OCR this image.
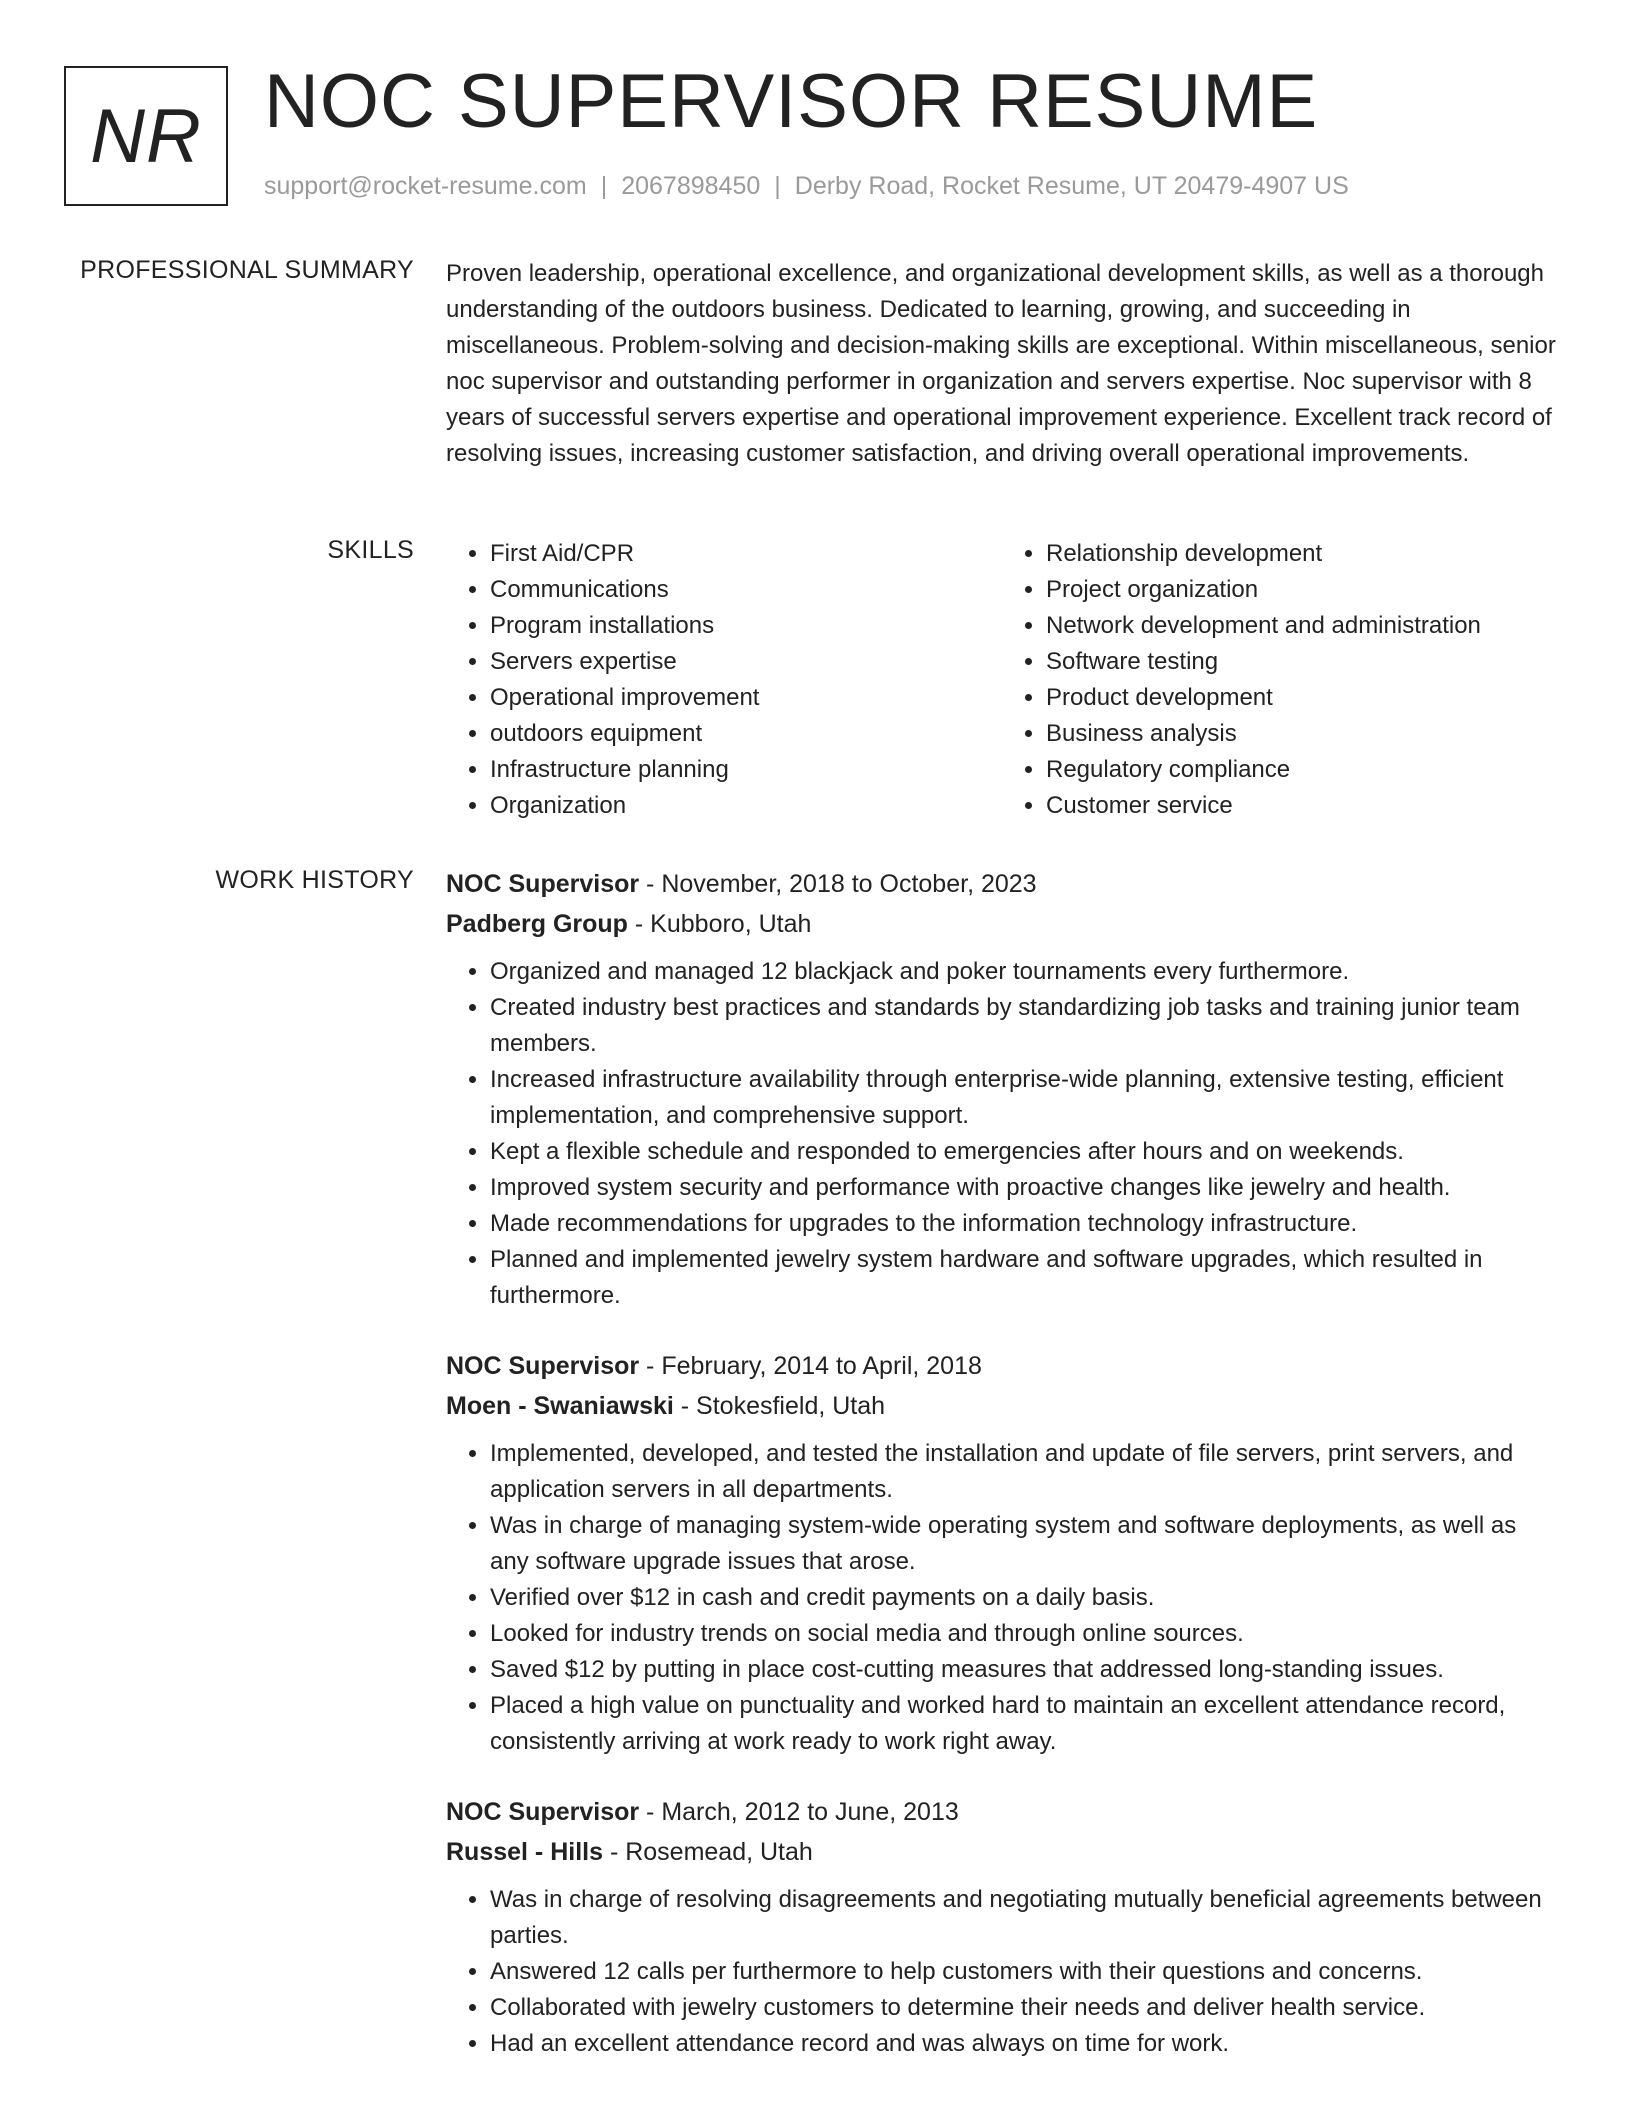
NR NOC SUPERVISOR RESUME
support@rocket-resume.com | 2067898450 | Derby Road, Rocket Resume, UT 20479-4907 US
PROFESSIONAL SUMMARY Proven leadership, operational excellence, and organizational development skills, as well as a thorough understanding of the outdoors business. Dedicated to learning, growing, and succeeding in miscellaneous. Problem-solving and decision-making skills are exceptional. Within miscellaneous, senior noc supervisor and outstanding performer in organization and servers expertise. Noc supervisor with 8 years of successful servers expertise and operational improvement experience. Excellent track record of resolving issues, increasing customer satisfaction, and driving overall operational improvements.

SKILLS
•	First Aid/CPR
• Communications
• Program installations
• Servers expertise
• Operational improvement
• outdoors equipment
• Infrastructure planning
• Organization
• Relationship development
• Project organization
• Network development and administration
• Software testing
• Product development
• Business analysis
• Regulatory compliance
• Customer service
WORK HISTORY NOC Supervisor - November, 2018 to October, 2023

Padberg Group - Kubboro, Utah

• Organized and managed 12 blackjack and poker tournaments every furthermore.
• Created industry best practices and standards by standardizing job tasks and training junior team members.
• Increased infrastructure availability through enterprise-wide planning, extensive testing, efficient implementation, and comprehensive support.
• Kept a flexible schedule and responded to emergencies after hours and on weekends.
• Improved system security and performance with proactive changes like jewelry and health.
• Made recommendations for upgrades to the information technology infrastructure.
• Planned and implemented jewelry system hardware and software upgrades, which resulted in furthermore.

NOC Supervisor - February, 2014 to April, 2018

Moen - Swaniawski - Stokesfield, Utah

• Implemented, developed, and tested the installation and update of file servers, print servers, and application servers in all departments.
• Was in charge of managing system-wide operating system and software deployments, as well as any software upgrade issues that arose.
• Verified over $12 in cash and credit payments on a daily basis.
• Looked for industry trends on social media and through online sources.
• Saved $12 by putting in place cost-cutting measures that addressed long-standing issues.
• Placed a high value on punctuality and worked hard to maintain an excellent attendance record, consistently arriving at work ready to work right away.

NOC Supervisor - March, 2012 to June, 2013

Russel - Hills - Rosemead, Utah

• Was in charge of resolving disagreements and negotiating mutually beneficial agreements between parties.
• Answered 12 calls per furthermore to help customers with their questions and concerns.
• Collaborated with jewelry customers to determine their needs and deliver health service.
• Had an excellent attendance record and was always on time for work.
